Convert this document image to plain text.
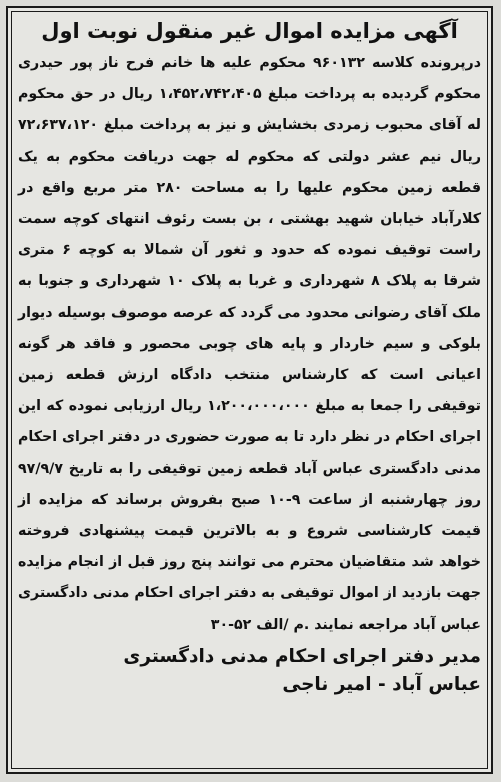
آگهی مزایده اموال غیر منقول نوبت اول

درپرونده کلاسه ۹۶۰۱۳۲ محکوم علیه ها خانم فرح ناز پور حیدری محکوم گردیده به پرداخت مبلغ ۱،۴۵۲،۷۴۲،۴۰۵ ریال در حق محکوم له آقای محبوب زمردی بخشایش و نیز به پرداخت مبلغ ۷۲،۶۳۷،۱۲۰ ریال نیم عشر دولتی که محکوم له جهت دریافت محکوم به یک قطعه زمین محکوم علیها را به مساحت ۲۸۰ متر مربع واقع در کلارآباد خیابان شهید بهشتی ، بن بست رئوف انتهای کوچه سمت راست توقیف نموده که حدود و ثغور آن شمالا به کوچه ۶ متری شرقا به پلاک ۸ شهرداری و غربا به پلاک ۱۰ شهرداری و جنوبا به ملک آقای رضوانی محدود می گردد که عرصه موصوف بوسیله دیوار بلوکی و سیم خاردار و پایه های چوبی محصور و فاقد هر گونه اعیانی است که کارشناس منتخب دادگاه ارزش قطعه زمین توقیفی را جمعا به مبلغ ۱،۲۰۰،۰۰۰،۰۰۰ ریال ارزیابی نموده که این اجرای احکام در نظر دارد تا به صورت حضوری در دفتر اجرای احکام مدنی دادگستری عباس آباد قطعه زمین توقیفی را به تاریخ ۹۷/۹/۷ روز چهارشنبه از ساعت ۹-۱۰ صبح بفروش برساند که مزایده از قیمت کارشناسی شروع و به بالاترین قیمت پیشنهادی فروخته خواهد شد متقاضیان محترم می توانند پنج روز قبل از انجام مزایده جهت بازدید از اموال توقیفی به دفتر اجرای احکام مدنی دادگستری عباس آباد مراجعه نمایند .م /الف ۵۲-۳۰

مدیر دفتر اجرای احکام مدنی دادگستری
عباس آباد - امیر ناجی
